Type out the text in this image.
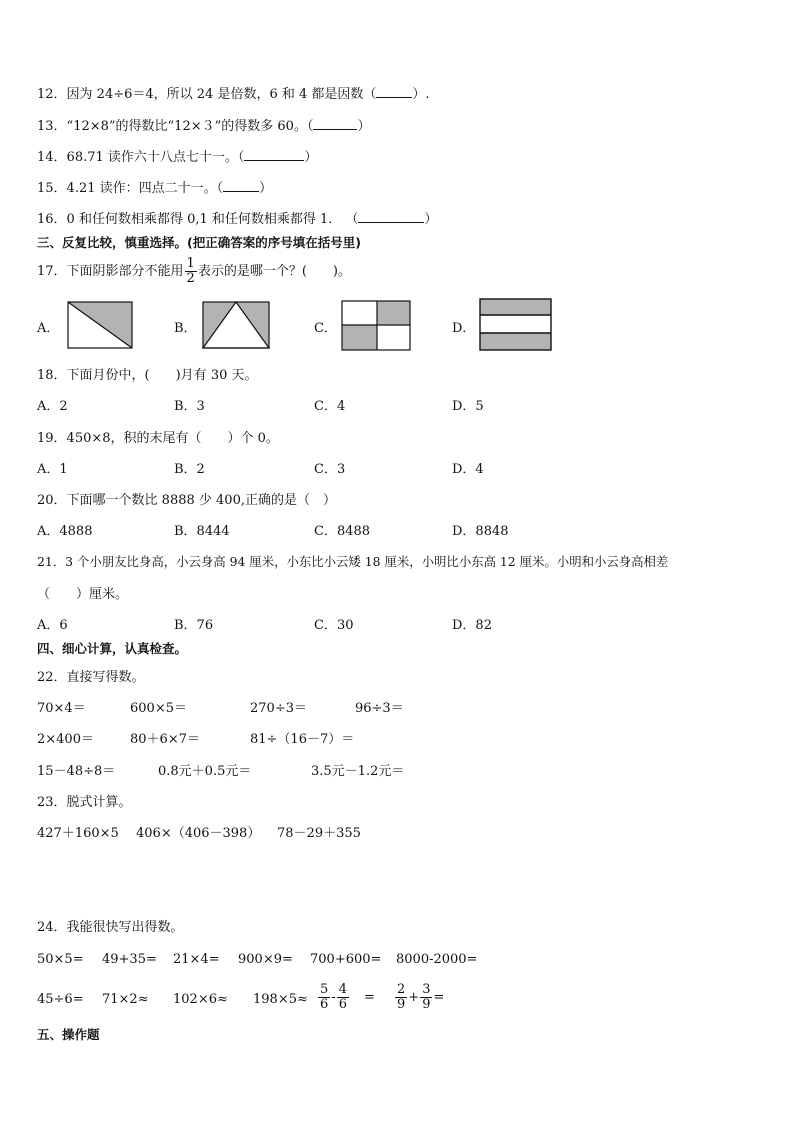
12．因为 24÷6＝4，所以 24 是倍数，6 和 4 都是因数（	）.
13．“12×8”的得数比“12×３”的得数多 60。（	）
14．68.71 读作六十八点七十一。（	）
15．4.21 读作：四点二十一。（	）
16．0 和任何数相乘都得 0,1 和任何数相乘都得 1． （	）
三、反复比较，慎重选择。(把正确答案的序号填在括号里)
17．下面阴影部分不能用 $\frac{1}{2}$ 表示的是哪一个？(　　)。
A．	B．	C．	D．
18．下面月份中，(　　)月有 30 天。
A．2	B．3	C．4	D．5
19．450×8，积的末尾有（　　）个 0。
A．1	B．2	C．3	D．4
20．下面哪一个数比 8888 少 400,正确的是（　）
A．4888	B．8444	C．8488	D．8848
21．3 个小朋友比身高，小云身高 94 厘米，小东比小云矮 18 厘米，小明比小东高 12 厘米。小明和小云身高相差
（　　）厘米。
A．6	B．76	C．30	D．82
四、细心计算，认真检查。
22．直接写得数。
70×4＝	600×5＝	270÷3＝	96÷3＝
2×400＝	80＋6×7＝	81÷（16－7）＝
15－48÷8＝	0.8元＋0.5元＝	3.5元－1.2元＝
23．脱式计算。
427＋160×5 406×（406－398） 78－29＋355
24．我能很快写出得数。
50×5= 49+35= 21×4= 900×9= 700+600= 8000-2000=
$45\div 6= 71\times 2\approx 102\times 6\approx 198\times 5\approx \frac{5}{6} - \frac{4}{6} = \frac{2}{9} + \frac{3}{9}$ =
五、操作题
